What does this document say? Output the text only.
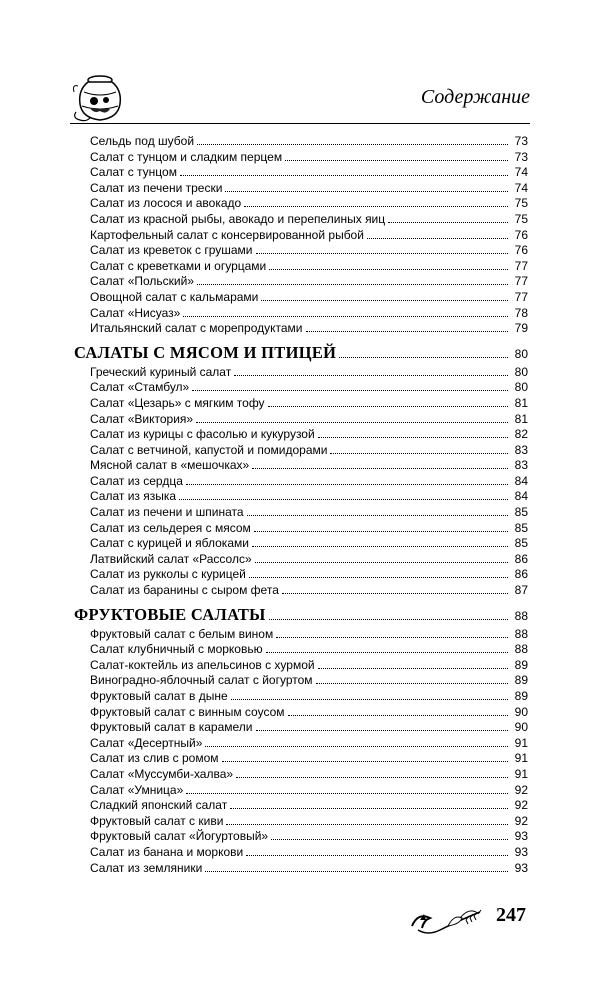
Содержание
Сельдь под шубой	73
Салат с тунцом и сладким перцем	73
Салат с тунцом	74
Салат из печени трески	74
Салат из лосося и авокадо	75
Салат из красной рыбы, авокадо и перепелиных яиц	75
Картофельный салат с консервированной рыбой	76
Салат из креветок с грушами	76
Салат с креветками и огурцами	77
Салат «Польский»	77
Овощной салат с кальмарами	77
Салат «Нисуаз»	78
Итальянский салат с морепродуктами	79
САЛАТЫ С МЯСОМ И ПТИЦЕЙ	80
Греческий куриный салат	80
Салат «Стамбул»	80
Салат «Цезарь» с мягким тофу	81
Салат «Виктория»	81
Салат из курицы с фасолью и кукурузой	82
Салат с ветчиной, капустой и помидорами	83
Мясной салат в «мешочках»	83
Салат из сердца	84
Салат из языка	84
Салат из печени и шпината	85
Салат из сельдерея с мясом	85
Салат с курицей и яблоками	85
Латвийский салат «Рассолс»	86
Салат из рукколы с курицей	86
Салат из баранины с сыром фета	87
ФРУКТОВЫЕ САЛАТЫ	88
Фруктовый салат с белым вином	88
Салат клубничный с морковью	88
Салат-коктейль из апельсинов с хурмой	89
Виноградно-яблочный салат с йогуртом	89
Фруктовый салат в дыне	89
Фруктовый салат с винным соусом	90
Фруктовый салат в карамели	90
Салат «Десертный»	91
Салат из слив с ромом	91
Салат «Муссумби-халва»	91
Салат «Умница»	92
Сладкий японский салат	92
Фруктовый салат с киви	92
Фруктовый салат «Йогуртовый»	93
Салат из банана и моркови	93
Салат из земляники	93
247
